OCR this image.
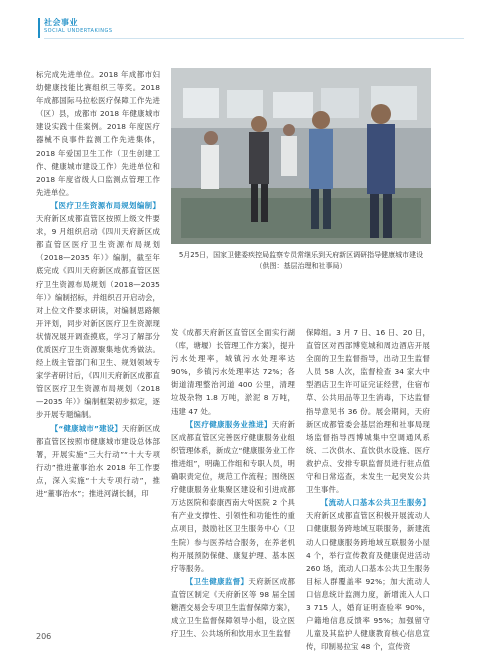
社会事业
SOCIAL UNDERTAKINGS

标完成先进单位。2018 年成都市妇幼健康技能比赛组织三等奖。2018 年成都国际马拉松医疗保障工作先进（区）县，成都市 2018 年健康城市建设实践十佳案例。2018 年度医疗器械不良事件监测工作先进集体，2018 年爱国卫生工作（卫生创建工作、健康城市建设工作）先进单位和 2018 年度省级人口监测点管理工作先进单位。

【医疗卫生资源布局规划编制】天府新区成都直管区按照上级文件要求，9 月组织启动《四川天府新区成都直管区医疗卫生资源布局规划（2018—2035 年）》编制，截至年底完成《四川天府新区成都直管区医疗卫生资源布局规划（2018—2035 年）》编制招标，并组织召开启动会，对上位文件要求研读，对编制思路额开评划，同步对新区医疗卫生资源现状情况展开调查摸底，学习了解部分优质医疗卫生资源聚集地优秀做法。经上级主管部门和卫生、规划领域专家学者研讨后，《四川天府新区成都直管区医疗卫生资源布局规划（2018—2035 年）》编制框架初步拟定，逐步开展专题编制。

【“健康城市”建设】天府新区成都直管区按照市健康城市建设总体部署，开展实施“三大行动”“十大专项行动”推进董事治水 2018 年工作要点，深入实施“十大专项行动”，推进“董事治水”；推进河湖长制，印

5月25日，国家卫健委疾控局监察专员常继乐到天府新区调研指导健康城市建设
（供图：基层治理和社事局）

发《成都天府新区直管区全面实行湖（库，塘堰）长管理工作方案》，提升污水处理率，城镇污水处理率达 90%，乡镇污水处理率达 72%；各街道清理整治河道 400 公里，清理垃圾杂物 1.8 万吨，淤泥 8 万吨，违建 47 处。

【医疗健康服务业推进】天府新区成都直管区完善医疗健康服务业组织管理体系，新成立“健康服务业工作推进组”，明确工作组和专职人员，明确职责定位，规范工作流程；围绕医疗健康服务业集聚区建设和引进成都万达医院和泰康西南大학医院 2 个具有产业支撑性、引领性和功能性的重点项目，鼓励社区卫生服务中心（卫生院）参与医养结合服务，在养老机构开展预防保健、康复护理、基本医疗等服务。

【卫生健康监督】天府新区成都直管区制定《天府新区等 98 届全国糖酒交易会专项卫生监督保障方案》，成立卫生监督保障领导小组，设立医疗卫生、公共场所和饮用水卫生监督

保障组。3 月 7 日、16 日、20 日，直管区对西部博览城和周边酒店开展全面的卫生监督指导，出动卫生监督人员 58 人次，监督检查 34 家大中型酒店卫生许可证完证经营，住宿布草、公共用品等卫生消毒，下达监督指导意见书 36 份。展会期间，天府新区成都管委会基层治理和社事局现场监督指导西博城集中空调通风系统、二次供水、直饮供水设施、医疗救护点、安排专职监督员进行驻点值守和日常巡查，未发生一起突发公共卫生事件。

【流动人口基本公共卫生服务】天府新区成都直管区积极开展流动人口健康服务跨地域互联服务，新建流动人口健康服务跨地域互联服务小屋 4 个，举行宣传教育及健康促进活动 260 场，流动人口基本公共卫生服务目标人群覆盖率 92%；加大流动人口信息统计监测力度，新增流入人口 3 715 人，婚育证明查验率 90%，户籍地信息反馈率 95%；加强留守儿童及其监护人健康教育核心信息宣传，印制易拉宝 48 个，宣传资

206
